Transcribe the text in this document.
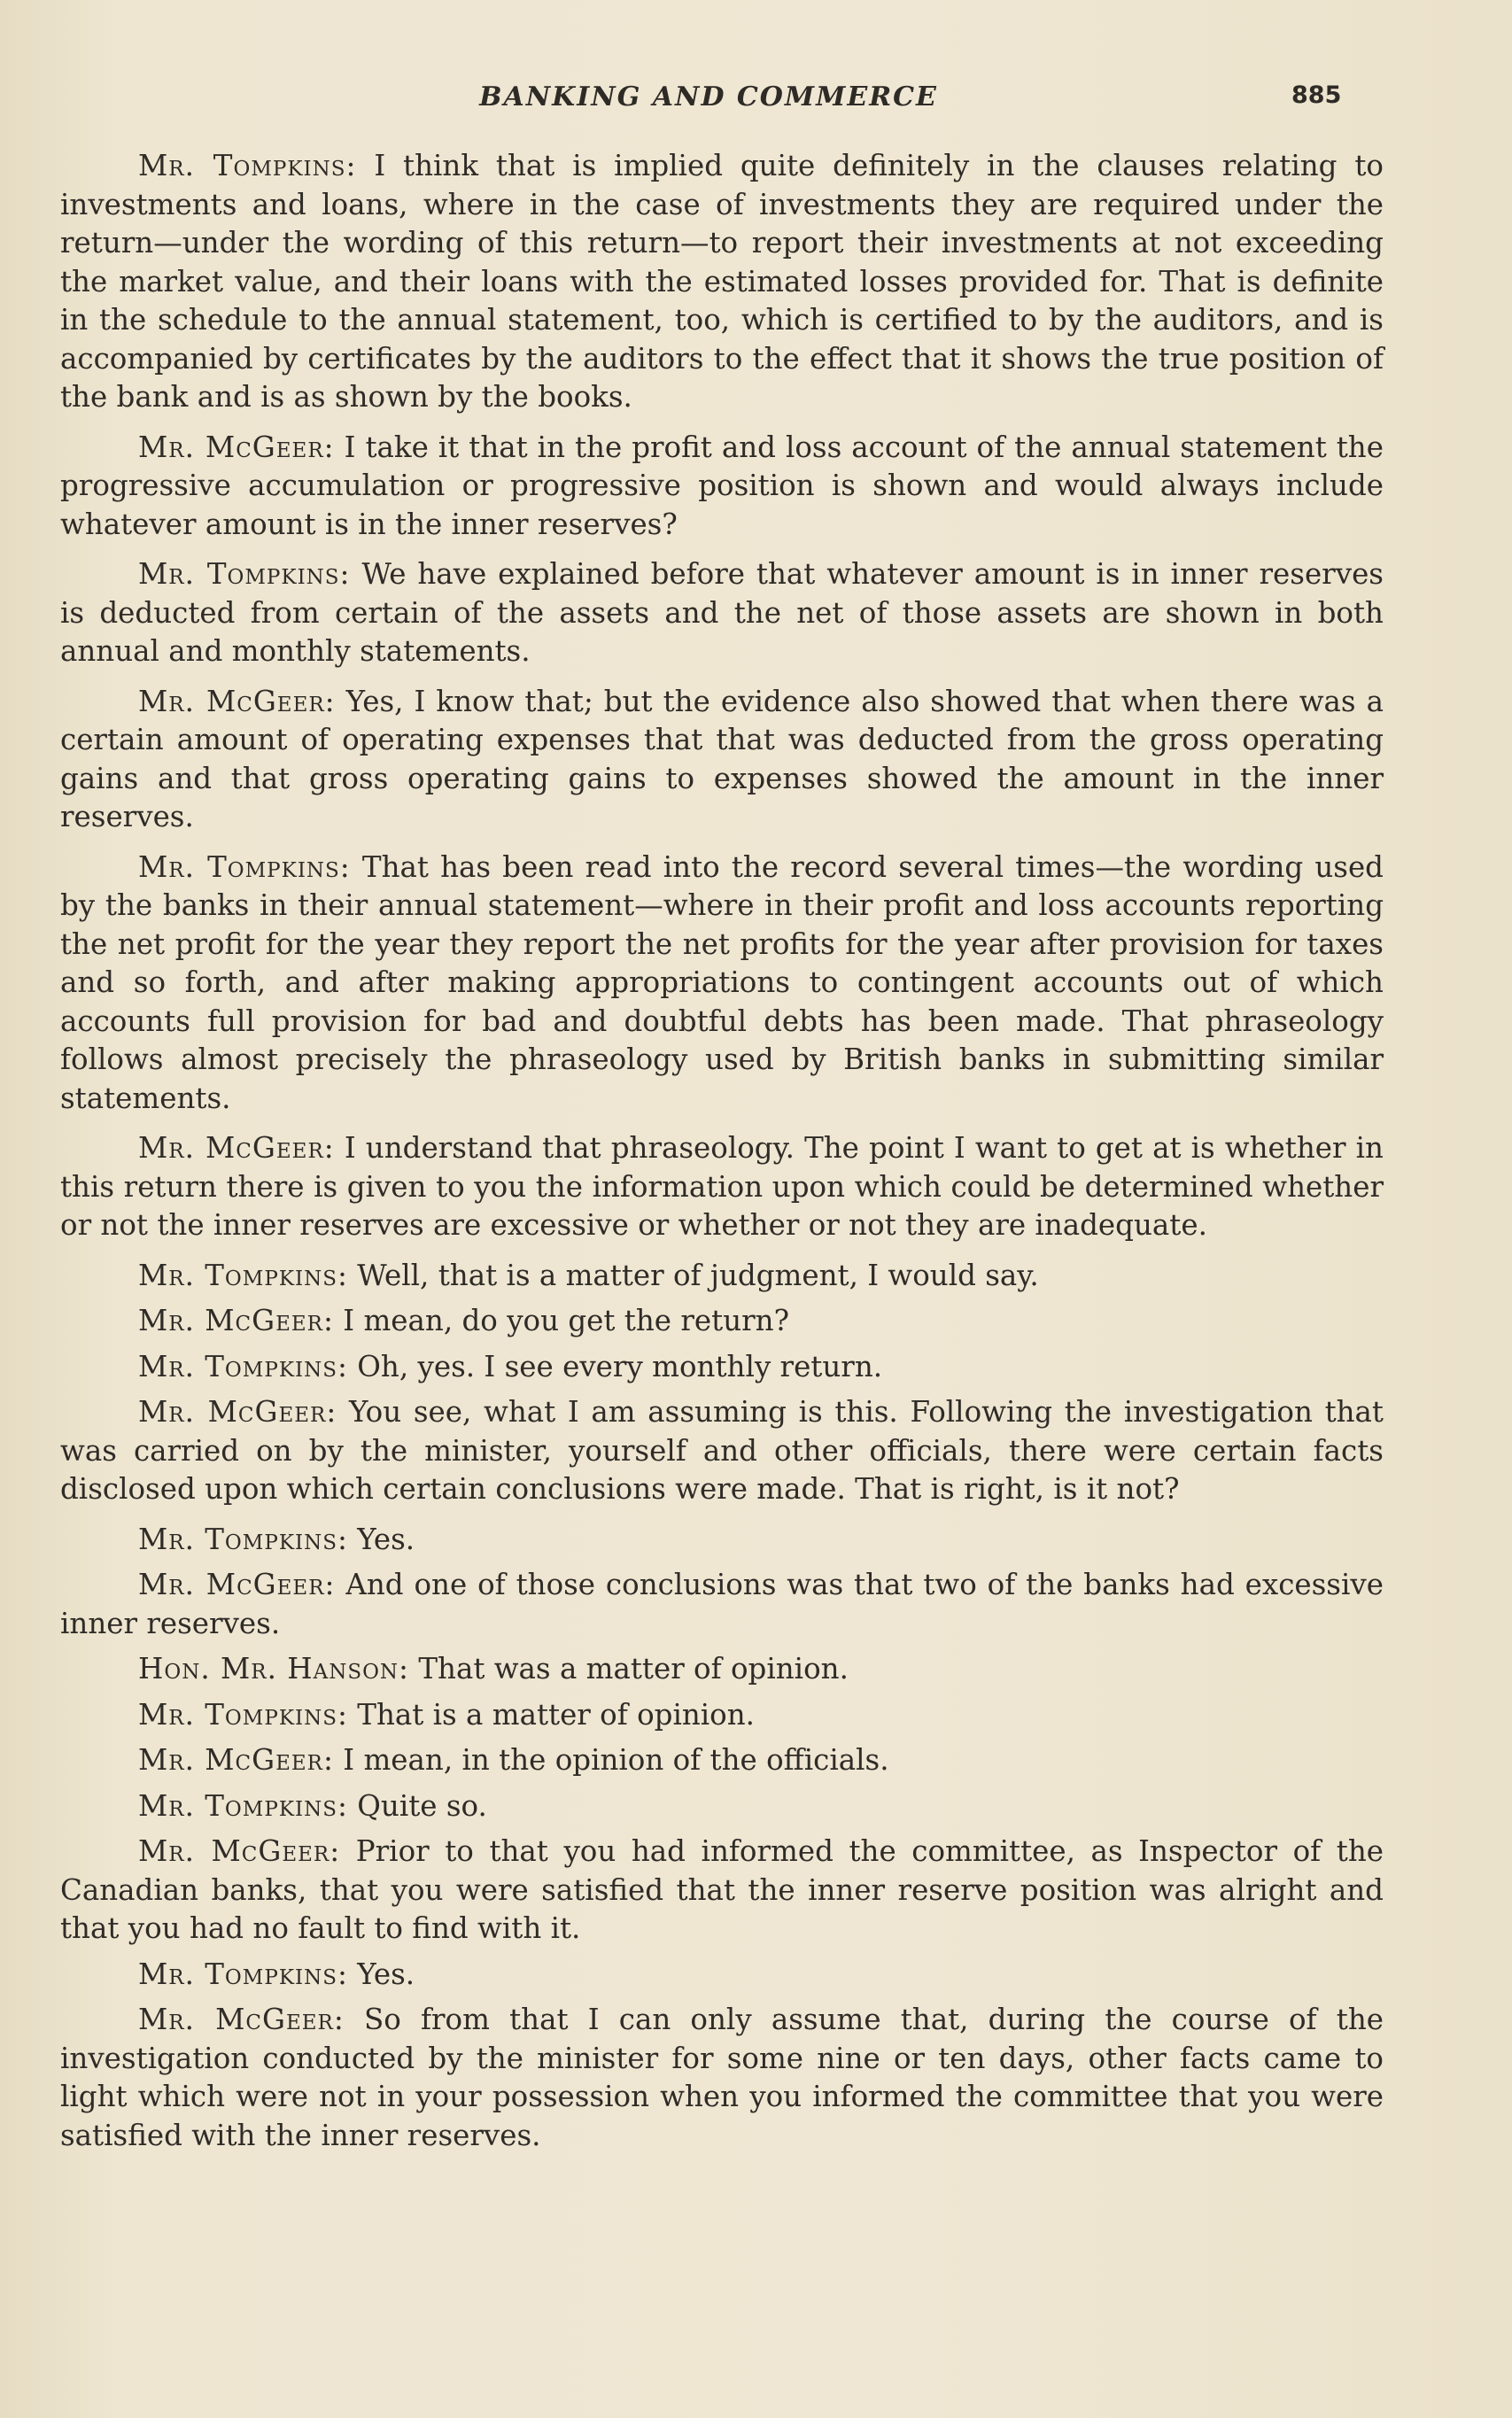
BANKING AND COMMERCE	885

Mr. Tompkins: I think that is implied quite definitely in the clauses relating to investments and loans, where in the case of investments they are required under the return—under the wording of this return—to report their investments at not exceeding the market value, and their loans with the estimated losses provided for. That is definite in the schedule to the annual statement, too, which is certified to by the auditors, and is accompanied by certificates by the auditors to the effect that it shows the true position of the bank and is as shown by the books.

Mr. McGeer: I take it that in the profit and loss account of the annual statement the progressive accumulation or progressive position is shown and would always include whatever amount is in the inner reserves?

Mr. Tompkins: We have explained before that whatever amount is in inner reserves is deducted from certain of the assets and the net of those assets are shown in both annual and monthly statements.

Mr. McGeer: Yes, I know that; but the evidence also showed that when there was a certain amount of operating expenses that that was deducted from the gross operating gains and that gross operating gains to expenses showed the amount in the inner reserves.

Mr. Tompkins: That has been read into the record several times—the wording used by the banks in their annual statement—where in their profit and loss accounts reporting the net profit for the year they report the net profits for the year after provision for taxes and so forth, and after making appropriations to contingent accounts out of which accounts full provision for bad and doubtful debts has been made. That phraseology follows almost precisely the phraseology used by British banks in submitting similar statements.

Mr. McGeer: I understand that phraseology. The point I want to get at is whether in this return there is given to you the information upon which could be determined whether or not the inner reserves are excessive or whether or not they are inadequate.

Mr. Tompkins: Well, that is a matter of judgment, I would say.

Mr. McGeer: I mean, do you get the return?

Mr. Tompkins: Oh, yes. I see every monthly return.

Mr. McGeer: You see, what I am assuming is this. Following the investigation that was carried on by the minister, yourself and other officials, there were certain facts disclosed upon which certain conclusions were made. That is right, is it not?

Mr. Tompkins: Yes.

Mr. McGeer: And one of those conclusions was that two of the banks had excessive inner reserves.

Hon. Mr. Hanson: That was a matter of opinion.

Mr. Tompkins: That is a matter of opinion.

Mr. McGeer: I mean, in the opinion of the officials.

Mr. Tompkins: Quite so.

Mr. McGeer: Prior to that you had informed the committee, as Inspector of the Canadian banks, that you were satisfied that the inner reserve position was alright and that you had no fault to find with it.

Mr. Tompkins: Yes.

Mr. McGeer: So from that I can only assume that, during the course of the investigation conducted by the minister for some nine or ten days, other facts came to light which were not in your possession when you informed the committee that you were satisfied with the inner reserves.
